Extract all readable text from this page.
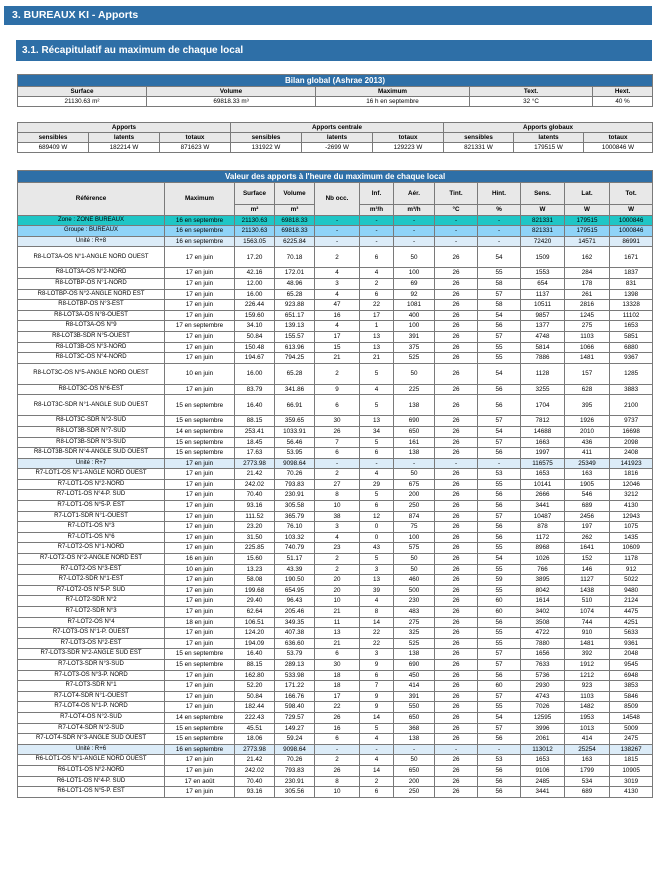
3. BUREAUX KI - Apports
3.1. Récapitulatif au maximum de chaque local
Bilan global (Ashrae 2013)				
Surface	Volume	Maximum	Text.	Hext.
21130.63 m²	69818.33 m³	16 h en septembre	32 °C	40 %
Apports			Apports centrale			Apports globaux		
sensibles	latents	totaux	sensibles	latents	totaux	sensibles	latents	totaux
689409 W	182214 W	871623 W	131922 W	-2699 W	129223 W	821331 W	179515 W	1000846 W
Valeur des apports à l'heure du maximum de chaque local											
Référence	Maximum	Surface	Volume	Nb occ.	Inf.	Aér.	Tint.	Hint.	Sens.	Lat.	Tot.
		m²	m³		m³/h	m³/h	°C	%	W	W	W
Zone : ZONE BUREAUX	16 en septembre	21130.63	69818.33	-	-	-	-	-	821331	179515	1000846
Groupe : BUREAUX	16 en septembre	21130.63	69818.33	-	-	-	-	-	821331	179515	1000846
Unité : R+8	16 en septembre	1563.05	6225.84	-	-	-	-	-	72420	14571	86991
R8-LOT3A-OS N°1-ANGLE NORD OUEST	17 en juin	17.20	70.18	2	6	50	26	54	1509	162	1671
R8-LOT3A-OS N°2-NORD	17 en juin	42.16	172.01	4	4	100	26	55	1553	284	1837
R8-LOTBP-OS N°1-NORD	17 en juin	12.00	48.96	3	2	69	26	58	654	178	831
R8-LOTBP-OS N°2-ANGLE NORD EST	17 en juin	16.00	65.28	4	6	92	26	57	1137	261	1398
R8-LOTBP-OS N°3-EST	17 en juin	226.44	923.88	47	22	1081	26	58	10511	2816	13328
R8-LOT3A-OS N°8-OUEST	17 en juin	159.60	651.17	16	17	400	26	54	9857	1245	11102
R8-LOT3A-OS N°9	17 en septembre	34.10	139.13	4	1	100	26	56	1377	275	1653
R8-LOT3B-SDR N°5-OUEST	17 en juin	50.84	155.57	17	13	391	26	57	4748	1103	5851
R8-LOT3B-OS N°3-NORD	17 en juin	150.48	613.96	15	13	375	26	55	5814	1066	6880
R8-LOT3C-OS N°4-NORD	17 en juin	194.67	794.25	21	21	525	26	55	7886	1481	9367
R8-LOT3C-OS N°5-ANGLE NORD OUEST	10 en juin	16.00	65.28	2	5	50	26	54	1128	157	1285
R8-LOT3C-OS N°6-EST	17 en juin	83.79	341.86	9	4	225	26	56	3255	628	3883
R8-LOT3C-SDR N°1-ANGLE SUD OUEST	15 en septembre	16.40	66.91	6	5	138	26	56	1704	395	2100
R8-LOT3C-SDR N°2-SUD	15 en septembre	88.15	359.65	30	13	690	26	57	7812	1926	9737
R8-LOT3B-SDR N°7-SUD	14 en septembre	253.41	1033.91	26	34	650	26	54	14688	2010	16698
R8-LOT3B-SDR N°3-SUD	15 en septembre	18.45	56.46	7	5	161	26	57	1663	436	2098
R8-LOT3B-SDR N°4-ANGLE SUD OUEST	15 en septembre	17.63	53.95	6	6	138	26	56	1997	411	2408
Unité : R+7	17 en juin	2773.98	9098.64	-	-	-	-	-	116575	25349	141923
R7-LOT1-OS N°1-ANGLE NORD OUEST	17 en juin	21.42	70.26	2	4	50	26	53	1653	163	1816
R7-LOT1-OS N°2-NORD	17 en juin	242.02	793.83	27	29	675	26	55	10141	1905	12046
R7-LOT1-OS N°4-P. SUD	17 en juin	70.40	230.91	8	5	200	26	56	2666	546	3212
R7-LOT1-OS N°5-P. EST	17 en juin	93.16	305.58	10	6	250	26	56	3441	689	4130
R7-LOT1-SDR N°1-OUEST	17 en juin	111.52	365.79	38	12	874	26	57	10487	2456	12943
R7-LOT1-OS N°3	17 en juin	23.20	76.10	3	0	75	26	56	878	197	1075
R7-LOT1-OS N°6	17 en juin	31.50	103.32	4	0	100	26	56	1172	262	1435
R7-LOT2-OS N°1-NORD	17 en juin	225.85	740.79	23	43	575	26	55	8968	1641	10609
R7-LOT2-OS N°2-ANGLE NORD EST	16 en juin	15.60	51.17	2	5	50	26	54	1026	152	1178
R7-LOT2-OS N°3-EST	10 en juin	13.23	43.39	2	3	50	26	55	766	146	912
R7-LOT2-SDR N°1-EST	17 en juin	58.08	190.50	20	13	460	26	59	3895	1127	5022
R7-LOT2-OS N°5-P. SUD	17 en juin	199.68	654.95	20	39	500	26	55	8042	1438	9480
R7-LOT2-SDR N°2	17 en juin	29.40	96.43	10	4	230	26	60	1614	510	2124
R7-LOT2-SDR N°3	17 en juin	62.64	205.46	21	8	483	26	60	3402	1074	4475
R7-LOT2-OS N°4	18 en juin	106.51	349.35	11	14	275	26	56	3508	744	4251
R7-LOT3-OS N°1-P. OUEST	17 en juin	124.20	407.38	13	22	325	26	55	4722	910	5633
R7-LOT3-OS N°2-EST	17 en juin	194.09	636.60	21	22	525	26	55	7880	1481	9361
R7-LOT3-SDR N°2-ANGLE SUD EST	15 en septembre	16.40	53.79	6	3	138	26	57	1656	392	2048
R7-LOT3-SDR N°3-SUD	15 en septembre	88.15	289.13	30	9	690	26	57	7633	1912	9545
R7-LOT3-OS N°3-P. NORD	17 en juin	162.80	533.98	18	6	450	26	56	5736	1212	6948
R7-LOT3-SDR N°1	17 en juin	52.20	171.22	18	7	414	26	60	2930	923	3853
R7-LOT4-SDR N°1-OUEST	17 en juin	50.84	166.76	17	9	391	26	57	4743	1103	5846
R7-LOT4-OS N°1-P. NORD	17 en juin	182.44	598.40	22	9	550	26	55	7026	1482	8509
R7-LOT4-OS N°2-SUD	14 en septembre	222.43	729.57	26	14	650	26	54	12595	1953	14548
R7-LOT4-SDR N°2-SUD	15 en septembre	45.51	149.27	16	5	368	26	57	3996	1013	5009
R7-LOT4-SDR N°3-ANGLE SUD OUEST	15 en septembre	18.06	59.24	6	4	138	26	56	2061	414	2475
Unité : R+6	16 en septembre	2773.98	9098.64	-	-	-	-	-	113012	25254	138267
R6-LOT1-OS N°1-ANGLE NORD OUEST	17 en juin	21.42	70.26	2	4	50	26	53	1653	163	1815
R6-LOT1-OS N°2-NORD	17 en juin	242.02	793.83	26	14	650	26	56	9106	1799	10905
R6-LOT1-OS N°4-P. SUD	17 en août	70.40	230.91	8	2	200	26	56	2485	534	3019
R6-LOT1-OS N°5-P. EST	17 en juin	93.16	305.56	10	6	250	26	56	3441	689	4130
